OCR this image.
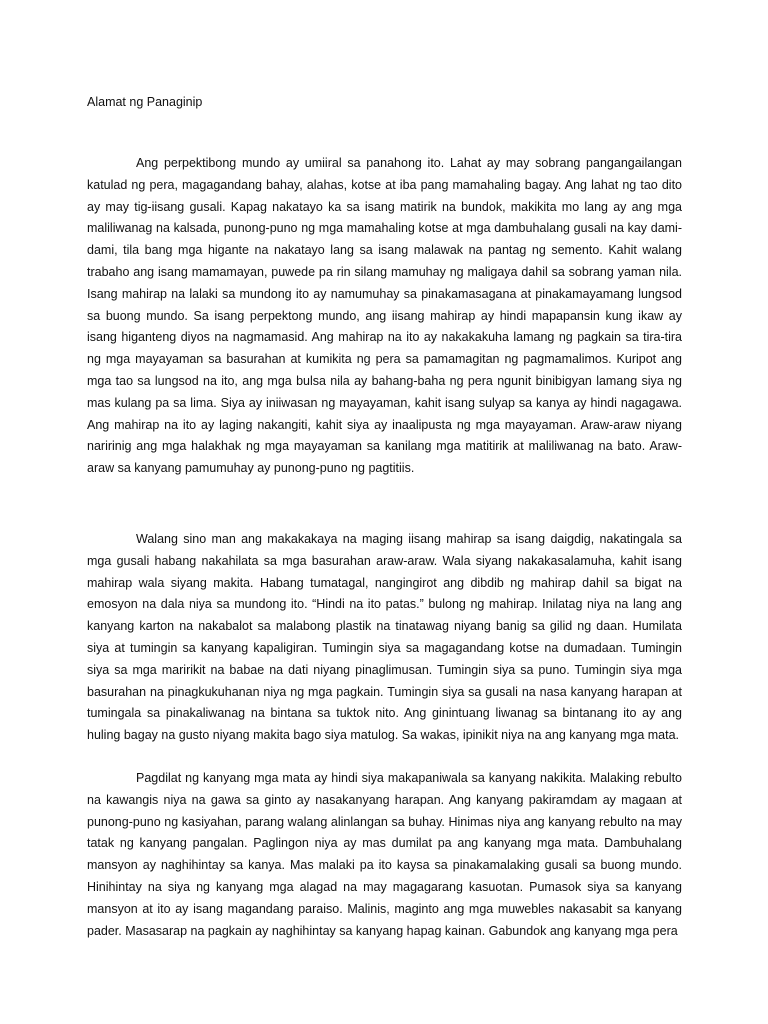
Alamat ng Panaginip

Ang perpektibong mundo ay umiiral sa panahong ito. Lahat ay may sobrang pangangailangan katulad ng pera, magagandang bahay, alahas, kotse at iba pang mamahaling bagay. Ang lahat ng tao dito ay may tig-iisang gusali. Kapag nakatayo ka sa isang matirik na bundok, makikita mo lang ay ang mga maliliwanag na kalsada, punong-puno ng mga mamahaling kotse at mga dambuhalang gusali na kay dami-dami, tila bang mga higante na nakatayo lang sa isang malawak na pantag ng semento. Kahit walang trabaho ang isang mamamayan, puwede pa rin silang mamuhay ng maligaya dahil sa sobrang yaman nila. Isang mahirap na lalaki sa mundong ito ay namumuhay sa pinakamasagana at pinakamayamang lungsod sa buong mundo. Sa isang perpektong mundo, ang iisang mahirap ay hindi mapapansin kung ikaw ay isang higanteng diyos na nagmamasid. Ang mahirap na ito ay nakakakuha lamang ng pagkain sa tira-tira ng mga mayayaman sa basurahan at kumikita ng pera sa pamamagitan ng pagmamalimos. Kuripot ang mga tao sa lungsod na ito, ang mga bulsa nila ay bahang-baha ng pera ngunit binibigyan lamang siya ng mas kulang pa sa lima. Siya ay iniiwasan ng mayayaman, kahit isang sulyap sa kanya ay hindi nagagawa. Ang mahirap na ito ay laging nakangiti, kahit siya ay inaalipusta ng mga mayayaman. Araw-araw niyang naririnig ang mga halakhak ng mga mayayaman sa kanilang mga matitirik at maliliwanag na bato. Araw-araw sa kanyang pamumuhay ay punong-puno ng pagtitiis.

Walang sino man ang makakakaya na maging iisang mahirap sa isang daigdig, nakatingala sa mga gusali habang nakahilata sa mga basurahan araw-araw. Wala siyang nakakasalamuha, kahit isang mahirap wala siyang makita. Habang tumatagal, nangingirot ang dibdib ng mahirap dahil sa bigat na emosyon na dala niya sa mundong ito. “Hindi na ito patas.” bulong ng mahirap. Inilatag niya na lang ang kanyang karton na nakabalot sa malabong plastik na tinatawag niyang banig sa gilid ng daan. Humilata siya at tumingin sa kanyang kapaligiran. Tumingin siya sa magagandang kotse na dumadaan. Tumingin siya sa mga maririkit na babae na dati niyang pinaglimusan. Tumingin siya sa puno. Tumingin siya mga basurahan na pinagkukuhanan niya ng mga pagkain. Tumingin siya sa gusali na nasa kanyang harapan at tumingala sa pinakaliwanag na bintana sa tuktok nito. Ang ginintuang liwanag sa bintanang ito ay ang huling bagay na gusto niyang makita bago siya matulog. Sa wakas, ipinikit niya na ang kanyang mga mata.

Pagdilat ng kanyang mga mata ay hindi siya makapaniwala sa kanyang nakikita. Malaking rebulto na kawangis niya na gawa sa ginto ay nasakanyang harapan. Ang kanyang pakiramdam ay magaan at punong-puno ng kasiyahan, parang walang alinlangan sa buhay. Hinimas niya ang kanyang rebulto na may tatak ng kanyang pangalan. Paglingon niya ay mas dumilat pa ang kanyang mga mata. Dambuhalang mansyon ay naghihintay sa kanya. Mas malaki pa ito kaysa sa pinakamalaking gusali sa buong mundo. Hinihintay na siya ng kanyang mga alagad na may magagarang kasuotan. Pumasok siya sa kanyang mansyon at ito ay isang magandang paraiso. Malinis, maginto ang mga muwebles nakasabit sa kanyang pader. Masasarap na pagkain ay naghihintay sa kanyang hapag kainan. Gabundok ang kanyang mga pera
